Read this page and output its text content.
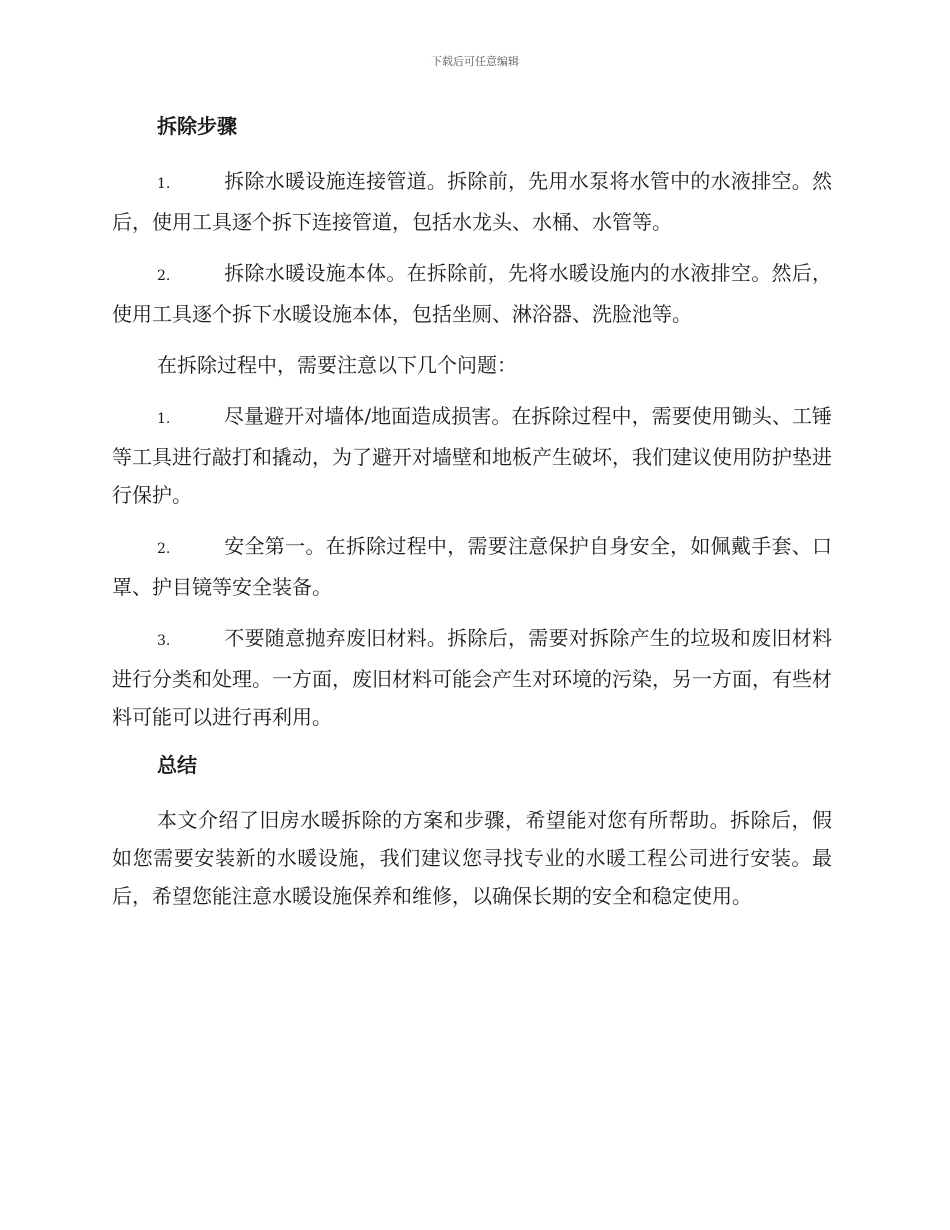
下载后可任意编辑
拆除步骤
1.	拆除水暖设施连接管道。拆除前，先用水泵将水管中的水液排空。然后，使用工具逐个拆下连接管道，包括水龙头、水桶、水管等。
2.	拆除水暖设施本体。在拆除前，先将水暖设施内的水液排空。然后，使用工具逐个拆下水暖设施本体，包括坐厕、淋浴器、洗脸池等。
在拆除过程中，需要注意以下几个问题：
1.	尽量避开对墙体/地面造成损害。在拆除过程中，需要使用锄头、工锤等工具进行敲打和撬动，为了避开对墙壁和地板产生破坏，我们建议使用防护垫进行保护。
2.	安全第一。在拆除过程中，需要注意保护自身安全，如佩戴手套、口罩、护目镜等安全装备。
3.	不要随意抛弃废旧材料。拆除后，需要对拆除产生的垃圾和废旧材料进行分类和处理。一方面，废旧材料可能会产生对环境的污染，另一方面，有些材料可能可以进行再利用。
总结
本文介绍了旧房水暖拆除的方案和步骤，希望能对您有所帮助。拆除后，假如您需要安装新的水暖设施，我们建议您寻找专业的水暖工程公司进行安装。最后，希望您能注意水暖设施保养和维修，以确保长期的安全和稳定使用。
